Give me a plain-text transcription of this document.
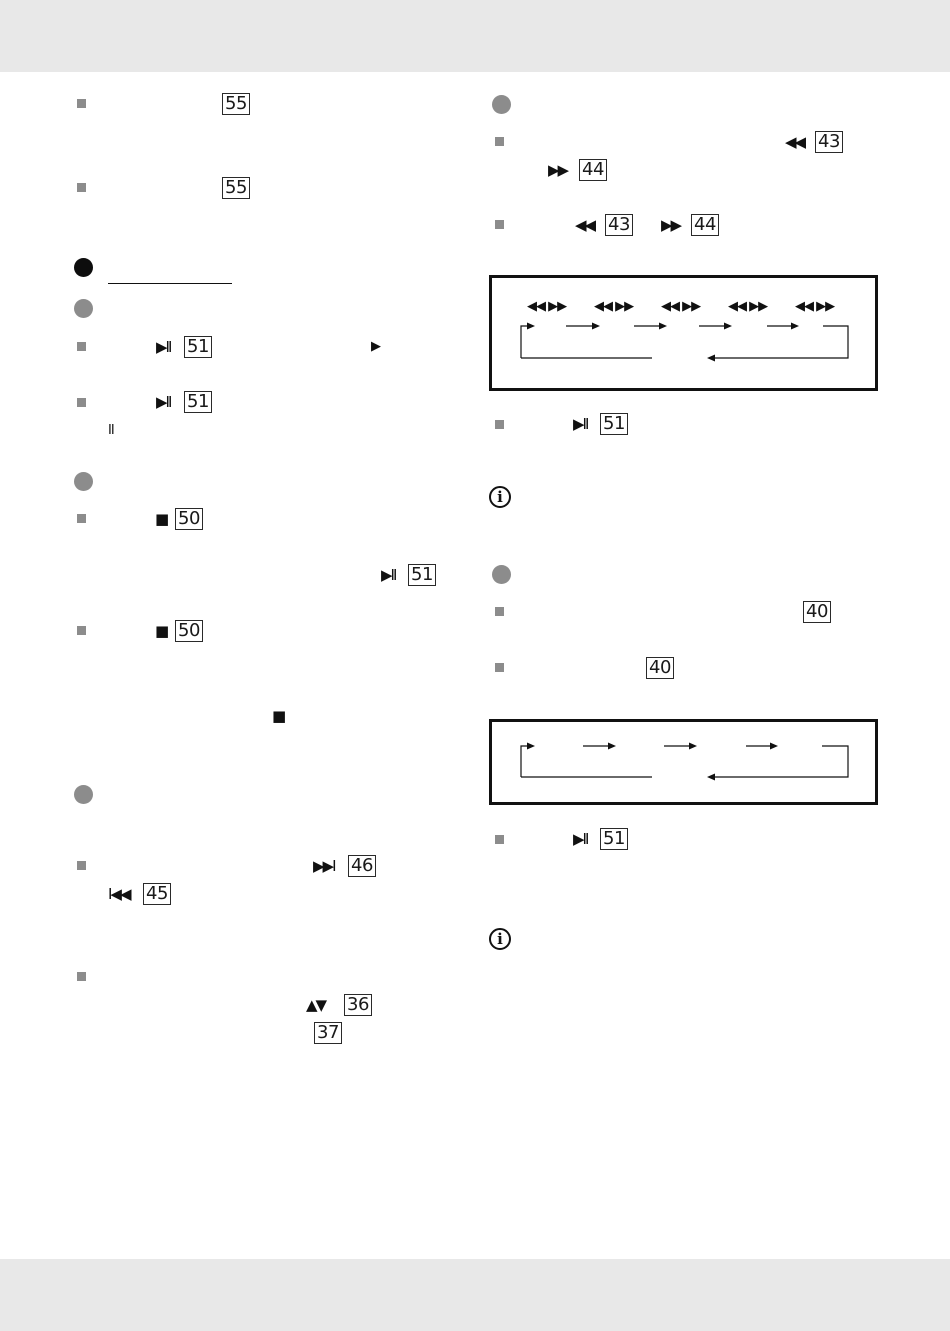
55
55
▶II 51	▶
▶II 51
II
■ 50
▶II 51
■ 50
■
▶▶I 46
I◀◀ 45
▲▼ 36
37
◀◀ 43
▶▶ 44
◀◀ 43 ▶▶ 44
◀◀ ▶▶ ◀◀ ▶▶ ◀◀ ▶▶ ◀◀ ▶▶ ◀◀ ▶▶
▶II 51
i
40
40
▶II 51
i
